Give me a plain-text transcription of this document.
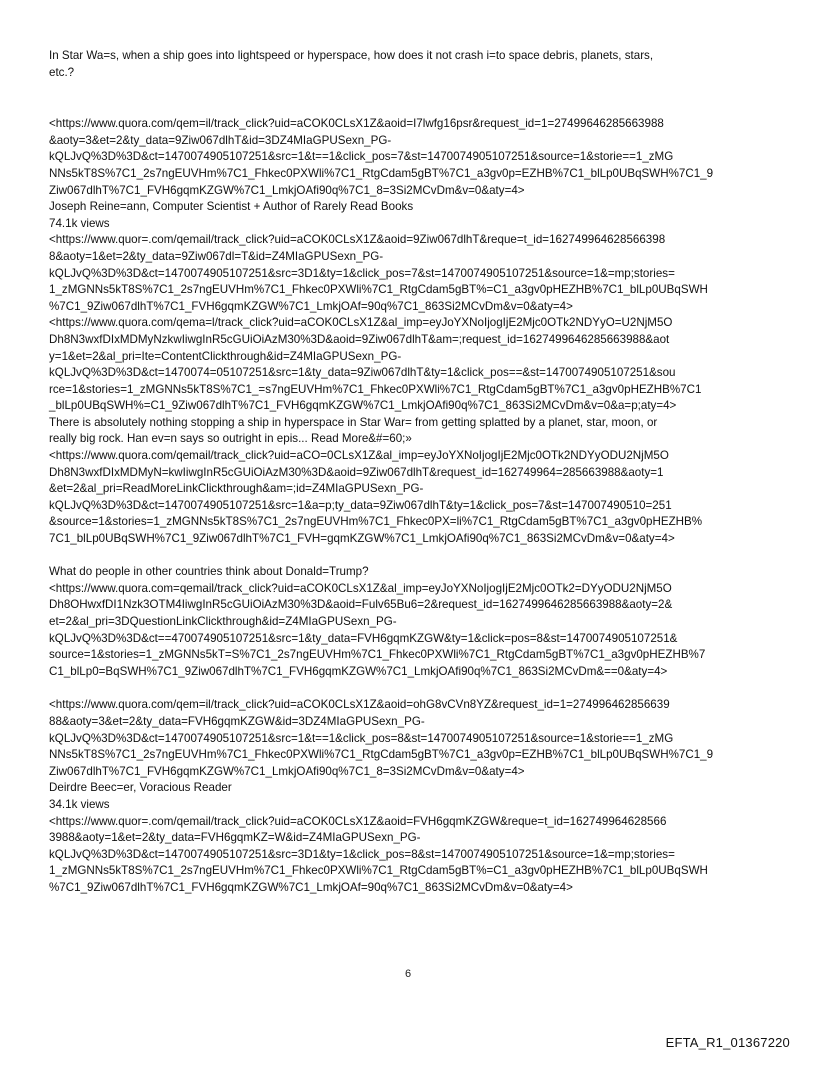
In Star Wa=s, when a ship goes into lightspeed or hyperspace, how does it not crash i=to space debris, planets, stars,
etc.?
<https://www.quora.com/qem=il/track_click?uid=aCOK0CLsX1Z&aoid=I7lwfg16psr&request_id=1=27499646285663988
&aoty=3&et=2&ty_data=9Ziw067dlhT&id=3DZ4MIaGPUSexn_PG-
kQLJvQ%3D%3D&ct=1470074905107251&src=1&t==1&click_pos=7&st=1470074905107251&source=1&storie==1_zMG
NNs5kT8S%7C1_2s7ngEUVHm%7C1_Fhkec0PXWli%7C1_RtgCdam5gBT%7C1_a3gv0p=EZHB%7C1_blLp0UBqSWH%7C1_9
Ziw067dlhT%7C1_FVH6gqmKZGW%7C1_LmkjOAfi90q%7C1_8=3Si2MCvDm&v=0&aty=4>
Joseph Reine=ann, Computer Scientist + Author of Rarely Read Books
74.1k views
<https://www.quor=.com/qemail/track_click?uid=aCOK0CLsX1Z&aoid=9Ziw067dlhT&reque=t_id=162749964628566398
8&aoty=1&et=2&ty_data=9Ziw067dl=T&id=Z4MIaGPUSexn_PG-
kQLJvQ%3D%3D&ct=1470074905107251&src=3D1&ty=1&click_pos=7&st=1470074905107251&source=1&=mp;stories=
1_zMGNNs5kT8S%7C1_2s7ngEUVHm%7C1_Fhkec0PXWli%7C1_RtgCdam5gBT%=C1_a3gv0pHEZHB%7C1_blLp0UBqSWH
%7C1_9Ziw067dlhT%7C1_FVH6gqmKZGW%7C1_LmkjOAf=90q%7C1_863Si2MCvDm&v=0&aty=4>
<https://www.quora.com/qema=l/track_click?uid=aCOK0CLsX1Z&al_imp=eyJoYXNoIjogIjE2Mjc0OTk2NDYyO=U2NjM5O
Dh8N3wxfDIxMDMyNzkwIiwgInR5cGUiOiAzM30%3D&aoid=9Ziw067dlhT&am=;request_id=1627499646285663988&aot
y=1&et=2&al_pri=Ite=ContentClickthrough&id=Z4MIaGPUSexn_PG-
kQLJvQ%3D%3D&ct=1470074=05107251&src=1&ty_data=9Ziw067dlhT&ty=1&click_pos==&st=1470074905107251&sou
rce=1&stories=1_zMGNNs5kT8S%7C1_=s7ngEUVHm%7C1_Fhkec0PXWli%7C1_RtgCdam5gBT%7C1_a3gv0pHEZHB%7C1
_blLp0UBqSWH%=C1_9Ziw067dlhT%7C1_FVH6gqmKZGW%7C1_LmkjOAfi90q%7C1_863Si2MCvDm&v=0&a=p;aty=4>
There is absolutely nothing stopping a ship in hyperspace in Star War= from getting splatted by a planet, star, moon, or
really big rock. Han ev=n says so outright in epis... Read More&#=60;»
<https://www.quora.com/qemail/track_click?uid=aCO=0CLsX1Z&al_imp=eyJoYXNoIjogIjE2Mjc0OTk2NDYyODU2NjM5O
Dh8N3wxfDIxMDMyN=kwIiwgInR5cGUiOiAzM30%3D&aoid=9Ziw067dlhT&request_id=162749964=285663988&aoty=1
&et=2&al_pri=ReadMoreLinkClickthrough&am=;id=Z4MIaGPUSexn_PG-
kQLJvQ%3D%3D&ct=1470074905107251&src=1&a=p;ty_data=9Ziw067dlhT&ty=1&click_pos=7&st=147007490510=251
&source=1&stories=1_zMGNNs5kT8S%7C1_2s7ngEUVHm%7C1_Fhkec0PX=li%7C1_RtgCdam5gBT%7C1_a3gv0pHEZHB%
7C1_blLp0UBqSWH%7C1_9Ziw067dlhT%7C1_FVH=gqmKZGW%7C1_LmkjOAfi90q%7C1_863Si2MCvDm&v=0&aty=4>
What do people in other countries think about Donald=Trump?
<https://www.quora.com=qemail/track_click?uid=aCOK0CLsX1Z&al_imp=eyJoYXNoIjogIjE2Mjc0OTk2=DYyODU2NjM5O
Dh8OHwxfDI1Nzk3OTM4IiwgInR5cGUiOiAzM30%3D&aoid=Fulv65Bu6=2&request_id=1627499646285663988&aoty=2&
et=2&al_pri=3DQuestionLinkClickthrough&id=Z4MIaGPUSexn_PG-
kQLJvQ%3D%3D&ct==470074905107251&src=1&ty_data=FVH6gqmKZGW&ty=1&click=pos=8&st=1470074905107251&
source=1&stories=1_zMGNNs5kT=S%7C1_2s7ngEUVHm%7C1_Fhkec0PXWli%7C1_RtgCdam5gBT%7C1_a3gv0pHEZHB%7
C1_blLp0=BqSWH%7C1_9Ziw067dlhT%7C1_FVH6gqmKZGW%7C1_LmkjOAfi90q%7C1_863Si2MCvDm&==0&aty=4>
<https://www.quora.com/qem=il/track_click?uid=aCOK0CLsX1Z&aoid=ohG8vCVn8YZ&request_id=1=274996462856639
88&aoty=3&et=2&ty_data=FVH6gqmKZGW&id=3DZ4MIaGPUSexn_PG-
kQLJvQ%3D%3D&ct=1470074905107251&src=1&t==1&click_pos=8&st=1470074905107251&source=1&storie==1_zMG
NNs5kT8S%7C1_2s7ngEUVHm%7C1_Fhkec0PXWli%7C1_RtgCdam5gBT%7C1_a3gv0p=EZHB%7C1_blLp0UBqSWH%7C1_9
Ziw067dlhT%7C1_FVH6gqmKZGW%7C1_LmkjOAfi90q%7C1_8=3Si2MCvDm&v=0&aty=4>
Deirdre Beec=er, Voracious Reader
34.1k views
<https://www.quor=.com/qemail/track_click?uid=aCOK0CLsX1Z&aoid=FVH6gqmKZGW&reque=t_id=162749964628566
3988&aoty=1&et=2&ty_data=FVH6gqmKZ=W&id=Z4MIaGPUSexn_PG-
kQLJvQ%3D%3D&ct=1470074905107251&src=3D1&ty=1&click_pos=8&st=1470074905107251&source=1&=mp;stories=
1_zMGNNs5kT8S%7C1_2s7ngEUVHm%7C1_Fhkec0PXWli%7C1_RtgCdam5gBT%=C1_a3gv0pHEZHB%7C1_blLp0UBqSWH
%7C1_9Ziw067dlhT%7C1_FVH6gqmKZGW%7C1_LmkjOAf=90q%7C1_863Si2MCvDm&v=0&aty=4>
6
EFTA_R1_01367220
